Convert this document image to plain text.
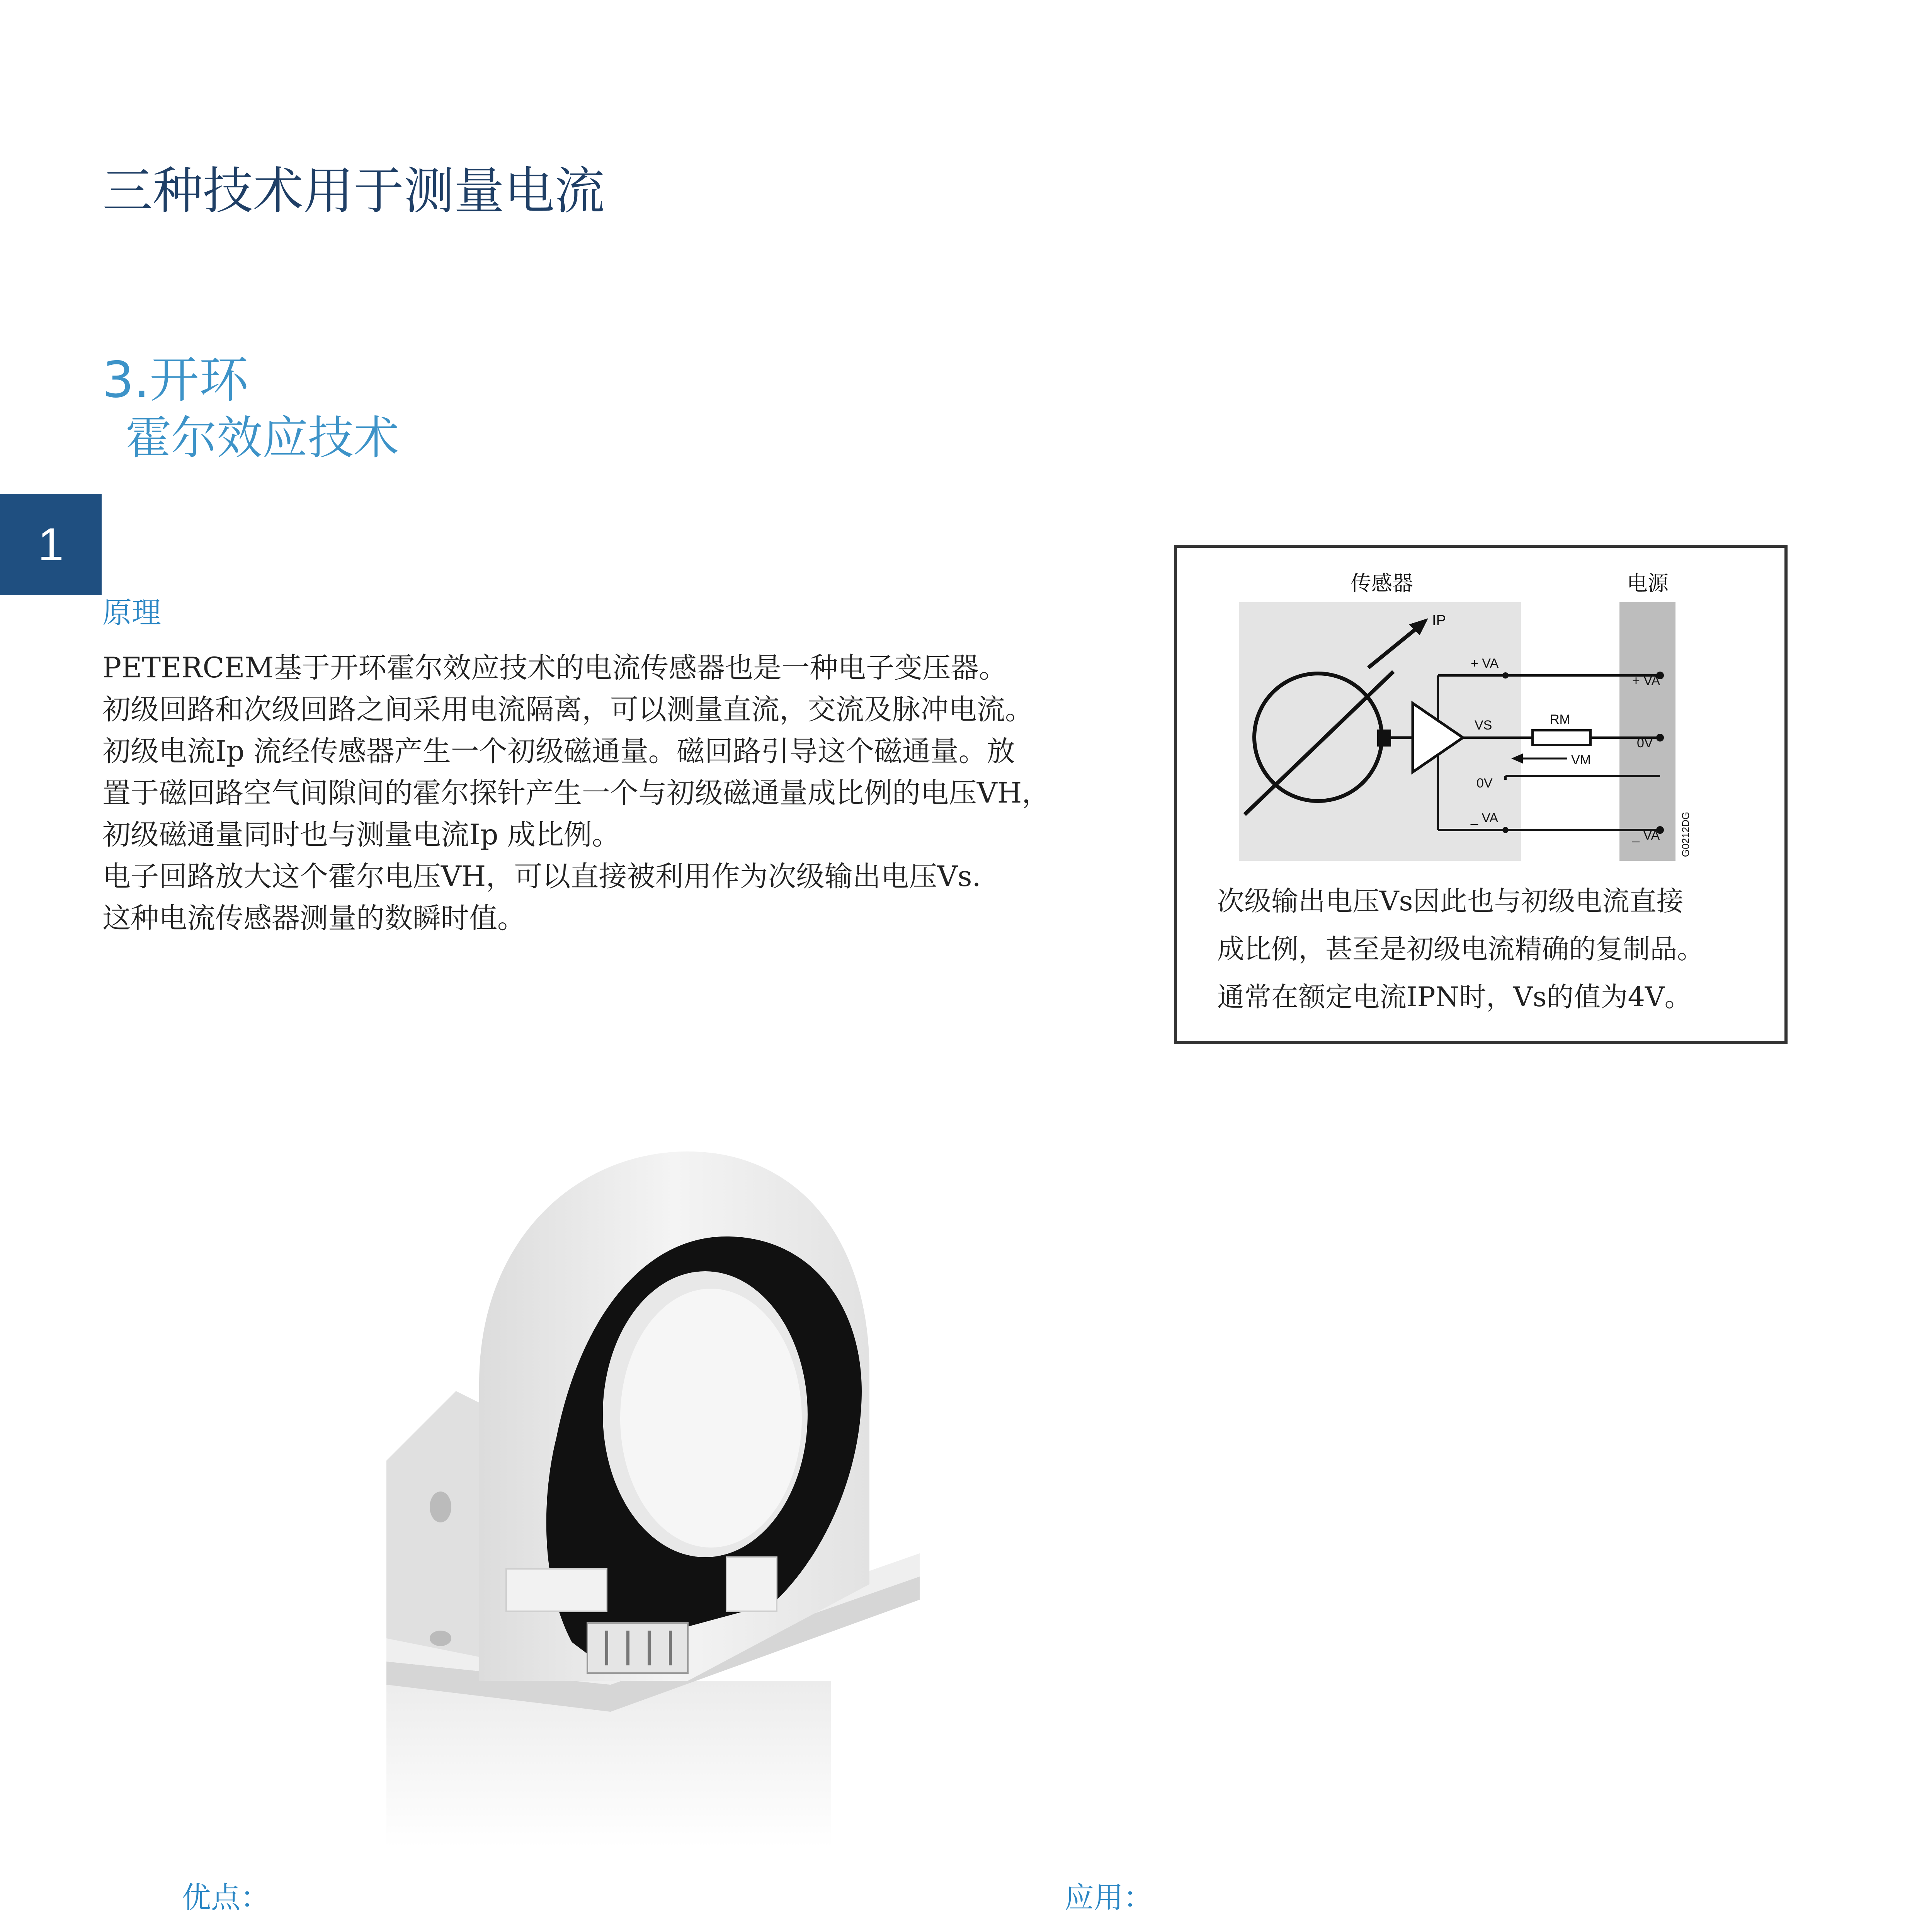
三种技术用于测量电流
3.开环
霍尔效应技术
1
原理

PETERCEM基于开环霍尔效应技术的电流传感器也是一种电子变压器。

初级回路和次级回路之间采用电流隔离，可以测量直流，交流及脉冲电流。

初级电流Ip 流经传感器产生一个初级磁通量。磁回路引导这个磁通量。放

置于磁回路空气间隙间的霍尔探针产生一个与初级磁通量成比例的电压VH，

初级磁通量同时也与测量电流Ip 成比例。

电子回路放大这个霍尔电压VH，可以直接被利用作为次级输出电压Vs.

这种电流传感器测量的数瞬时值。

传感器	电源
IP
+ VA
VS	RM
0V
VM
_ VA
+ VA
0V
_ VA G0212DG

次级输出电压Vs因此也与初级电流直接

成比例，甚至是初级电流精确的复制品。

通常在额定电流IPN时，Vs的值为4V。

优点：	应用：
